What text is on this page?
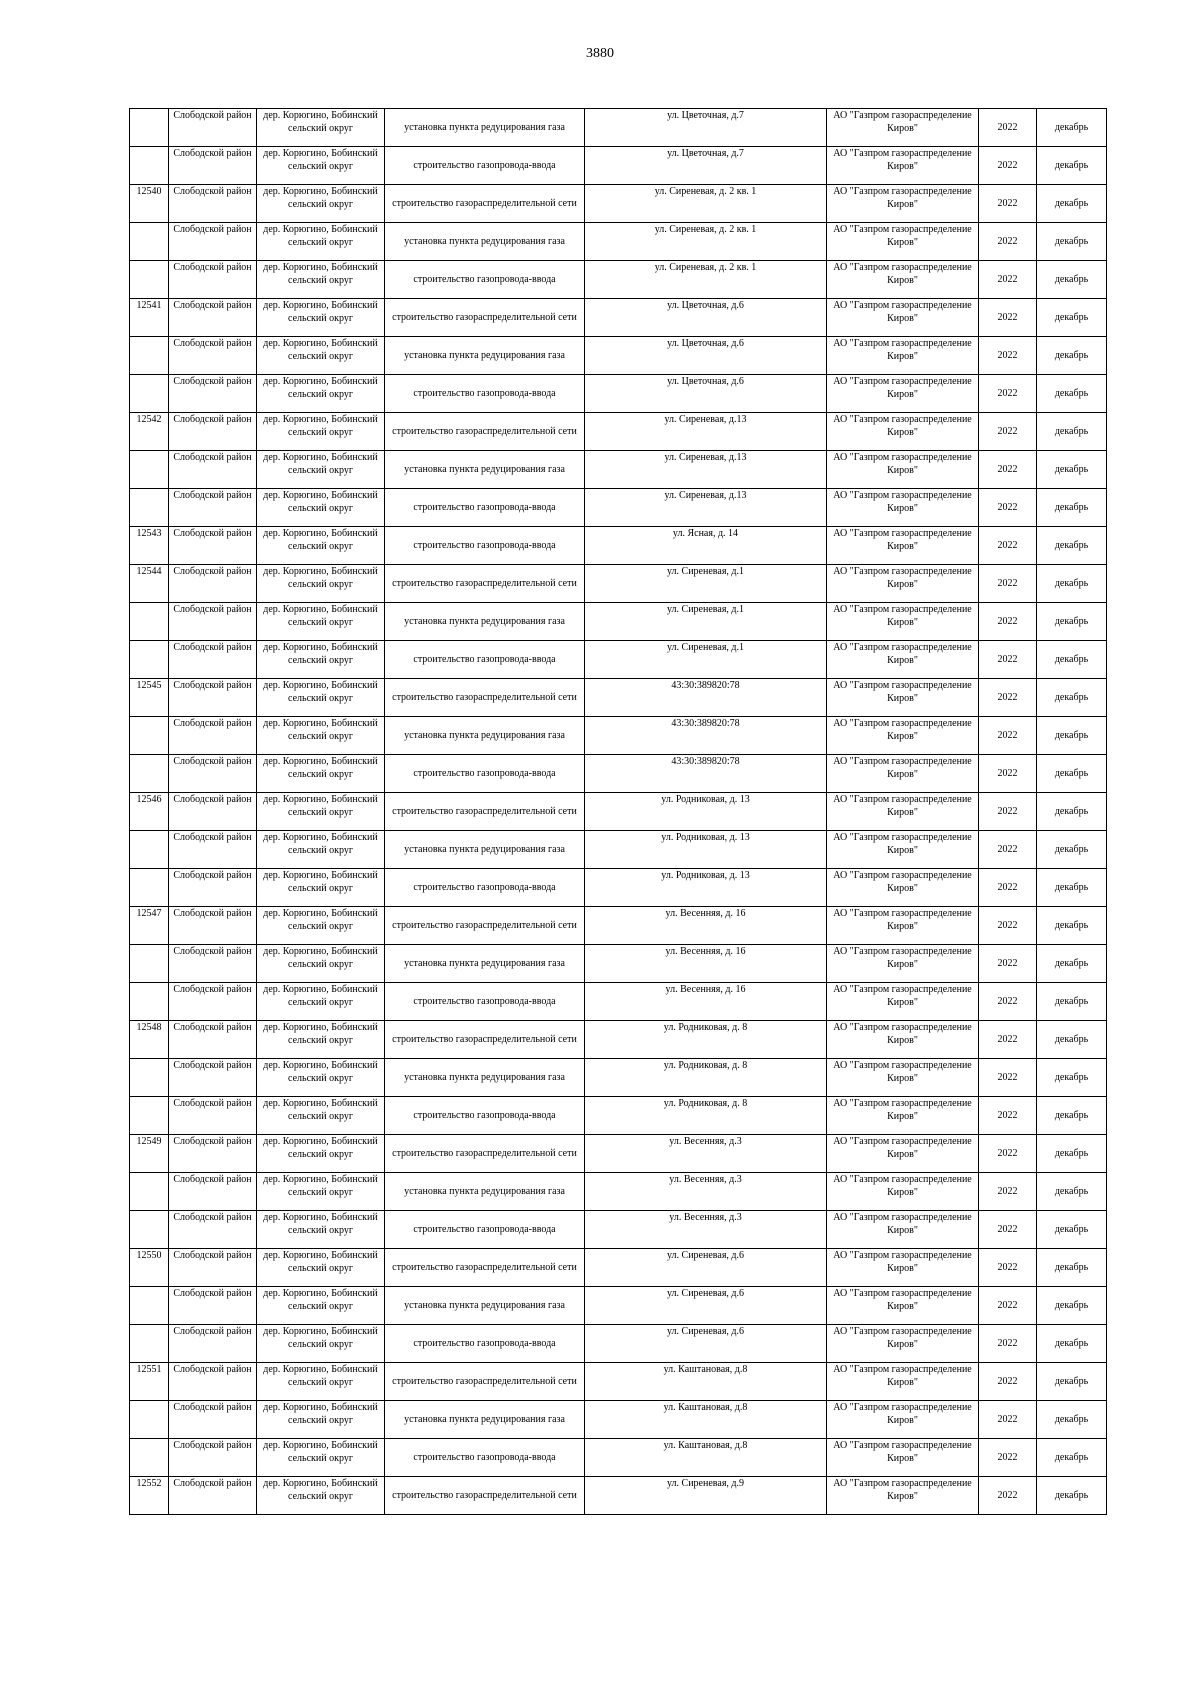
3880

	Слободской район	дер. Корюгино, Бобинский сельский округ	установка пункта редуцирования газа	ул. Цветочная, д.7	АО "Газпром газораспределение Киров"	2022	декабрь

	Слободской район	дер. Корюгино, Бобинский сельский округ	строительство газопровода-ввода	ул. Цветочная, д.7	АО "Газпром газораспределение Киров"	2022	декабрь

12540	Слободской район	дер. Корюгино, Бобинский сельский округ	строительство газораспределительной сети	ул. Сиреневая, д. 2 кв. 1	АО "Газпром газораспределение Киров"	2022	декабрь

	Слободской район	дер. Корюгино, Бобинский сельский округ	установка пункта редуцирования газа	ул. Сиреневая, д. 2 кв. 1	АО "Газпром газораспределение Киров"	2022	декабрь

	Слободской район	дер. Корюгино, Бобинский сельский округ	строительство газопровода-ввода	ул. Сиреневая, д. 2 кв. 1	АО "Газпром газораспределение Киров"	2022	декабрь

12541	Слободской район	дер. Корюгино, Бобинский сельский округ	строительство газораспределительной сети	ул. Цветочная, д.6	АО "Газпром газораспределение Киров"	2022	декабрь

	Слободской район	дер. Корюгино, Бобинский сельский округ	установка пункта редуцирования газа	ул. Цветочная, д.6	АО "Газпром газораспределение Киров"	2022	декабрь

	Слободской район	дер. Корюгино, Бобинский сельский округ	строительство газопровода-ввода	ул. Цветочная, д.6	АО "Газпром газораспределение Киров"	2022	декабрь

12542	Слободской район	дер. Корюгино, Бобинский сельский округ	строительство газораспределительной сети	ул. Сиреневая, д.13	АО "Газпром газораспределение Киров"	2022	декабрь

	Слободской район	дер. Корюгино, Бобинский сельский округ	установка пункта редуцирования газа	ул. Сиреневая, д.13	АО "Газпром газораспределение Киров"	2022	декабрь

	Слободской район	дер. Корюгино, Бобинский сельский округ	строительство газопровода-ввода	ул. Сиреневая, д.13	АО "Газпром газораспределение Киров"	2022	декабрь

12543	Слободской район	дер. Корюгино, Бобинский сельский округ	строительство газопровода-ввода	ул. Ясная, д. 14	АО "Газпром газораспределение Киров"	2022	декабрь

12544	Слободской район	дер. Корюгино, Бобинский сельский округ	строительство газораспределительной сети	ул. Сиреневая, д.1	АО "Газпром газораспределение Киров"	2022	декабрь

	Слободской район	дер. Корюгино, Бобинский сельский округ	установка пункта редуцирования газа	ул. Сиреневая, д.1	АО "Газпром газораспределение Киров"	2022	декабрь

	Слободской район	дер. Корюгино, Бобинский сельский округ	строительство газопровода-ввода	ул. Сиреневая, д.1	АО "Газпром газораспределение Киров"	2022	декабрь

12545	Слободской район	дер. Корюгино, Бобинский сельский округ	строительство газораспределительной сети	43:30:389820:78	АО "Газпром газораспределение Киров"	2022	декабрь

	Слободской район	дер. Корюгино, Бобинский сельский округ	установка пункта редуцирования газа	43:30:389820:78	АО "Газпром газораспределение Киров"	2022	декабрь

	Слободской район	дер. Корюгино, Бобинский сельский округ	строительство газопровода-ввода	43:30:389820:78	АО "Газпром газораспределение Киров"	2022	декабрь

12546	Слободской район	дер. Корюгино, Бобинский сельский округ	строительство газораспределительной сети	ул. Родниковая, д. 13	АО "Газпром газораспределение Киров"	2022	декабрь

	Слободской район	дер. Корюгино, Бобинский сельский округ	установка пункта редуцирования газа	ул. Родниковая, д. 13	АО "Газпром газораспределение Киров"	2022	декабрь

	Слободской район	дер. Корюгино, Бобинский сельский округ	строительство газопровода-ввода	ул. Родниковая, д. 13	АО "Газпром газораспределение Киров"	2022	декабрь

12547	Слободской район	дер. Корюгино, Бобинский сельский округ	строительство газораспределительной сети	ул. Весенняя, д. 16	АО "Газпром газораспределение Киров"	2022	декабрь

	Слободской район	дер. Корюгино, Бобинский сельский округ	установка пункта редуцирования газа	ул. Весенняя, д. 16	АО "Газпром газораспределение Киров"	2022	декабрь

	Слободской район	дер. Корюгино, Бобинский сельский округ	строительство газопровода-ввода	ул. Весенняя, д. 16	АО "Газпром газораспределение Киров"	2022	декабрь

12548	Слободской район	дер. Корюгино, Бобинский сельский округ	строительство газораспределительной сети	ул. Родниковая, д. 8	АО "Газпром газораспределение Киров"	2022	декабрь

	Слободской район	дер. Корюгино, Бобинский сельский округ	установка пункта редуцирования газа	ул. Родниковая, д. 8	АО "Газпром газораспределение Киров"	2022	декабрь

	Слободской район	дер. Корюгино, Бобинский сельский округ	строительство газопровода-ввода	ул. Родниковая, д. 8	АО "Газпром газораспределение Киров"	2022	декабрь

12549	Слободской район	дер. Корюгино, Бобинский сельский округ	строительство газораспределительной сети	ул. Весенняя, д.3	АО "Газпром газораспределение Киров"	2022	декабрь

	Слободской район	дер. Корюгино, Бобинский сельский округ	установка пункта редуцирования газа	ул. Весенняя, д.3	АО "Газпром газораспределение Киров"	2022	декабрь

	Слободской район	дер. Корюгино, Бобинский сельский округ	строительство газопровода-ввода	ул. Весенняя, д.3	АО "Газпром газораспределение Киров"	2022	декабрь

12550	Слободской район	дер. Корюгино, Бобинский сельский округ	строительство газораспределительной сети	ул. Сиреневая, д.6	АО "Газпром газораспределение Киров"	2022	декабрь

	Слободской район	дер. Корюгино, Бобинский сельский округ	установка пункта редуцирования газа	ул. Сиреневая, д.6	АО "Газпром газораспределение Киров"	2022	декабрь

	Слободской район	дер. Корюгино, Бобинский сельский округ	строительство газопровода-ввода	ул. Сиреневая, д.6	АО "Газпром газораспределение Киров"	2022	декабрь

12551	Слободской район	дер. Корюгино, Бобинский сельский округ	строительство газораспределительной сети	ул. Каштановая, д.8	АО "Газпром газораспределение Киров"	2022	декабрь

	Слободской район	дер. Корюгино, Бобинский сельский округ	установка пункта редуцирования газа	ул. Каштановая, д.8	АО "Газпром газораспределение Киров"	2022	декабрь

	Слободской район	дер. Корюгино, Бобинский сельский округ	строительство газопровода-ввода	ул. Каштановая, д.8	АО "Газпром газораспределение Киров"	2022	декабрь

12552	Слободской район	дер. Корюгино, Бобинский сельский округ	строительство газораспределительной сети	ул. Сиреневая, д.9	АО "Газпром газораспределение Киров"	2022	декабрь
